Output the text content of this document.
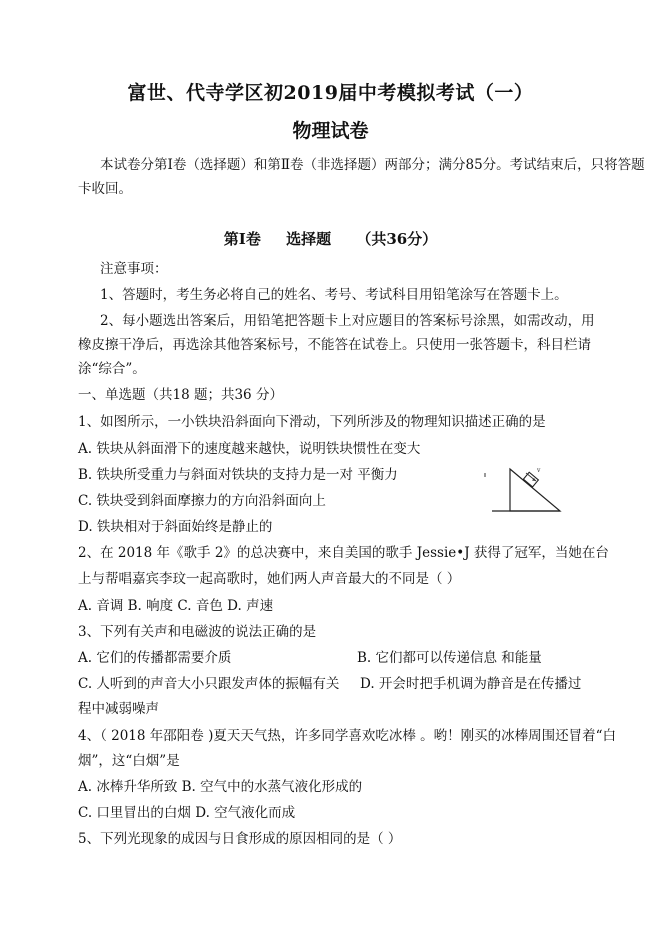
富世、代寺学区初2019届中考模拟考试（一）
物理试卷
本试卷分第Ⅰ卷（选择题）和第Ⅱ卷（非选择题）两部分；满分85分。考试结束后，只将答题
卡收回。
第Ⅰ卷 选择题 （共36分）
注意事项：
1、答题时，考生务必将自己的姓名、考号、考试科目用铅笔涂写在答题卡上。
2、每小题选出答案后，用铅笔把答题卡上对应题目的答案标号涂黑，如需改动，用
橡皮擦干净后，再选涂其他答案标号，不能答在试卷上。只使用一张答题卡，科目栏请
涂“综合”。
一、单选题（共18 题；共36 分）
1、如图所示，一小铁块沿斜面向下滑动，下列所涉及的物理知识描述正确的是
A. 铁块从斜面滑下的速度越来越快，说明铁块惯性在变大
B. 铁块所受重力与斜面对铁块的支持力是一对 平衡力
C. 铁块受到斜面摩擦力的方向沿斜面向上
D. 铁块相对于斜面始终是静止的
v
2、在 2018 年《歌手 2》的总决赛中，来自美国的歌手 Jessie•J 获得了冠军，当她在台
上与帮唱嘉宾李玟一起高歌时，她们两人声音最大的不同是（ ）
A. 音调 B. 响度 C. 音色 D. 声速
3、下列有关声和电磁波的说法正确的是
A. 它们的传播都需要介质	B. 它们都可以传递信息 和能量
C. 人听到的声音大小只跟发声体的振幅有关 D. 开会时把手机调为静音是在传播过
程中减弱噪声
4、（ 2018 年邵阳卷 )夏天天气热，许多同学喜欢吃冰棒 。哟！刚买的冰棒周围还冒着“白
烟”，这“白烟”是
A. 冰棒升华所致 B. 空气中的水蒸气液化形成的
C. 口里冒出的白烟 D. 空气液化而成
5、下列光现象的成因与日食形成的原因相同的是（ ）
